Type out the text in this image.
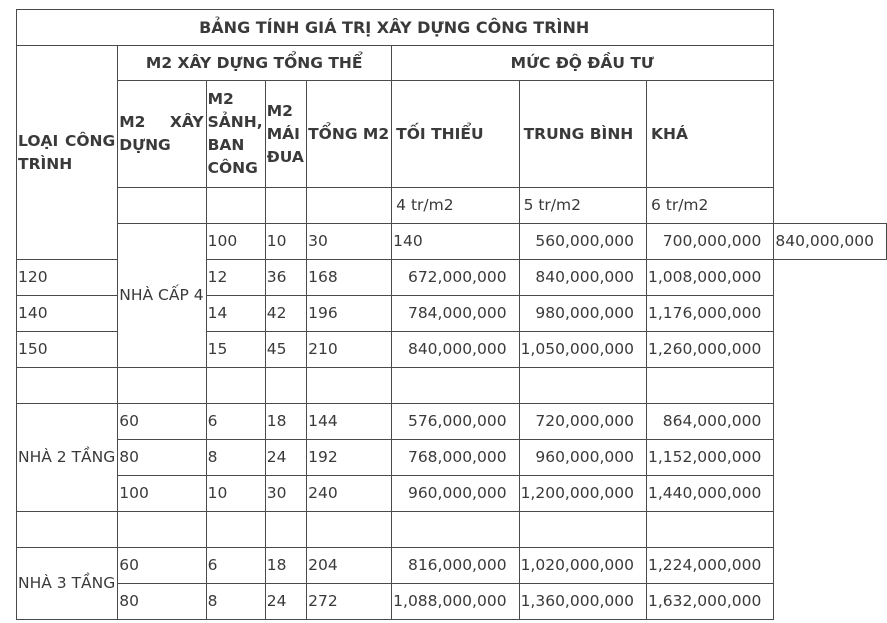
BẢNG TÍNH GIÁ TRỊ XÂY DỰNG CÔNG TRÌNH								
LOẠI CÔNG TRÌNH	M2 XÂY DỰNG TỔNG THỂ				MỨC ĐỘ ĐẦU TƯ			
	M2 XÂY DỰNG	M2 SẢNH, BAN CÔNG	M2 MÁI ĐUA	TỔNG M2	TỐI THIỂU	TRUNG BÌNH	KHÁ	
					4 tr/m2	5 tr/m2	6 tr/m2	
	NHÀ CẤP 4	100	10	30	140	560,000,000	700,000,000	840,000,000
120		12	36	168	672,000,000	840,000,000	1,008,000,000	
140		14	42	196	784,000,000	980,000,000	1,176,000,000	
150		15	45	210	840,000,000	1,050,000,000	1,260,000,000	

NHÀ 2 TẦNG	60	6	18	144	576,000,000	720,000,000	864,000,000	
	80	8	24	192	768,000,000	960,000,000	1,152,000,000	
	100	10	30	240	960,000,000	1,200,000,000	1,440,000,000	

NHÀ 3 TẦNG	60	6	18	204	816,000,000	1,020,000,000	1,224,000,000	
	80	8	24	272	1,088,000,000	1,360,000,000	1,632,000,000	
